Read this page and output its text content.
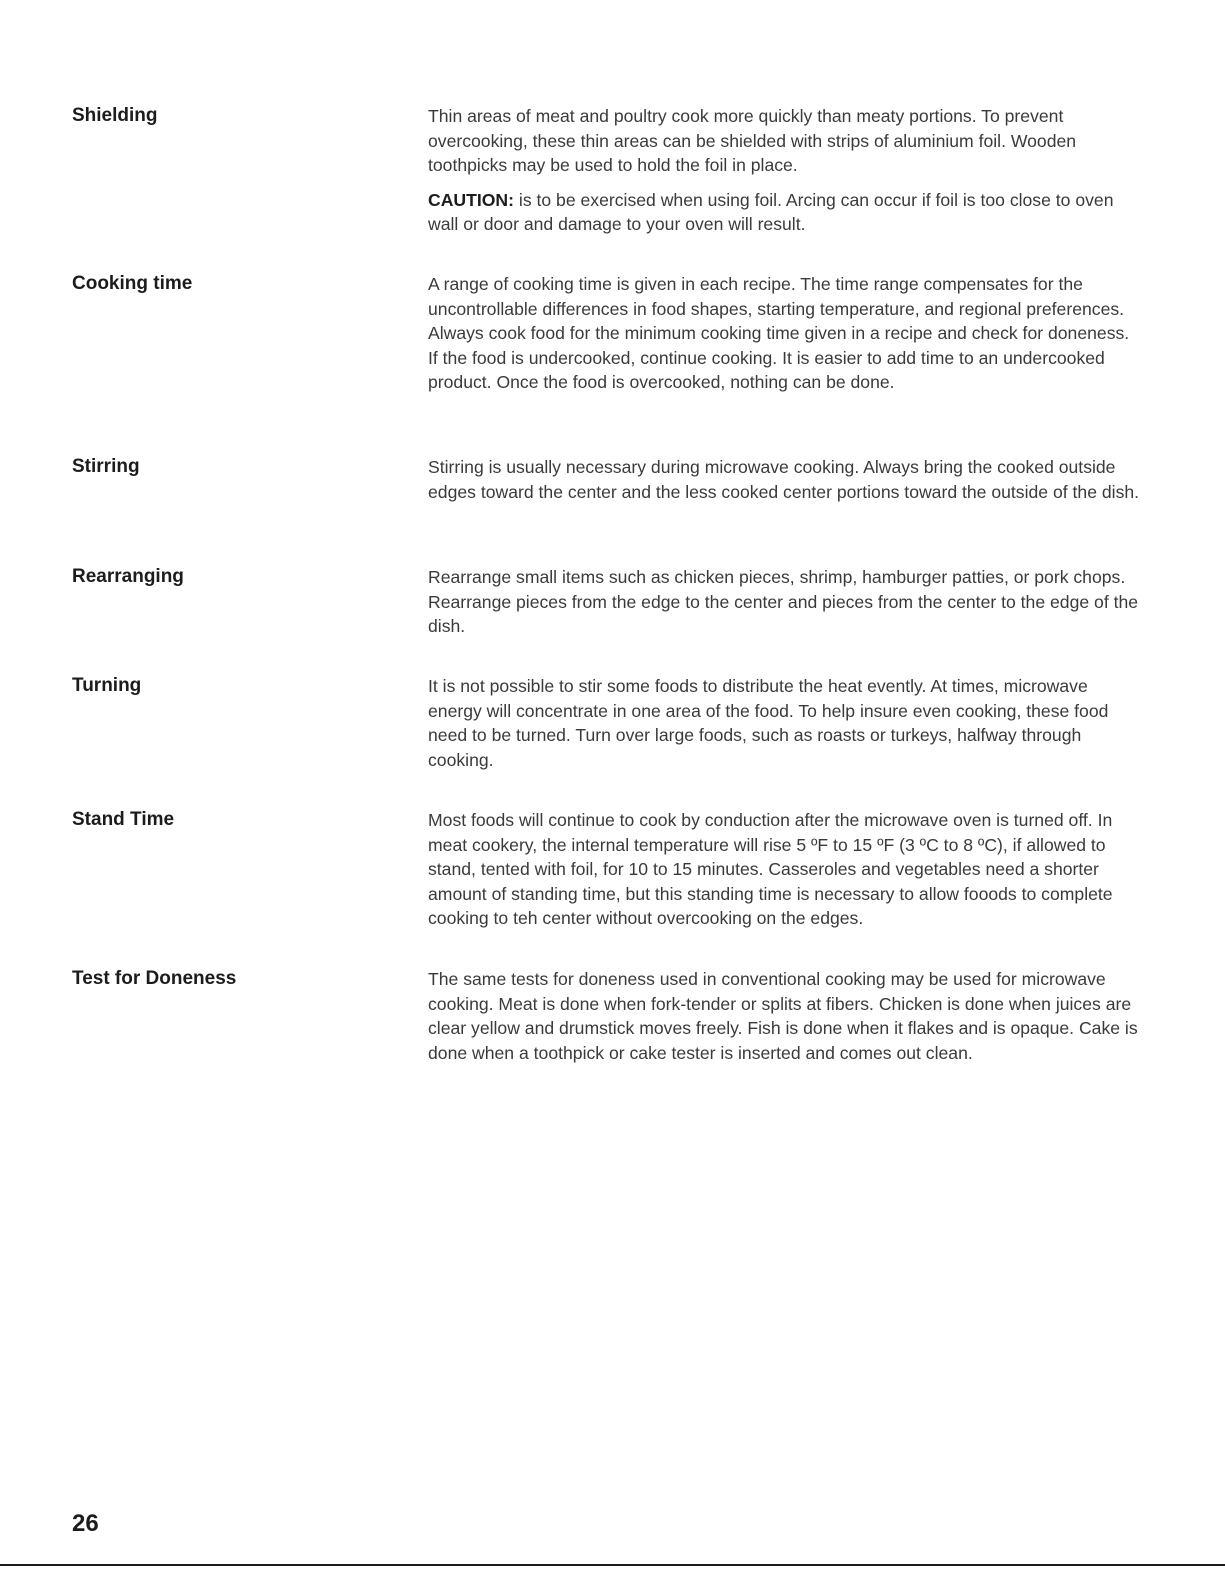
Shielding	Thin areas of meat and poultry cook more quickly than meaty portions. To prevent overcooking, these thin areas can be shielded with strips of aluminium foil. Wooden toothpicks may be used to hold the foil in place.

CAUTION: is to be exercised when using foil. Arcing can occur if foil is too close to oven wall or door and damage to your oven will result.

Cooking time	A range of cooking time is given in each recipe. The time range compensates for the uncontrollable differences in food shapes, starting temperature, and regional preferences. Always cook food for the minimum cooking time given in a recipe and check for doneness. If the food is undercooked, continue cooking. It is easier to add time to an undercooked product. Once the food is overcooked, nothing can be done.

Stirring	Stirring is usually necessary during microwave cooking. Always bring the cooked outside edges toward the center and the less cooked center portions toward the outside of the dish.

Rearranging	Rearrange small items such as chicken pieces, shrimp, hamburger patties, or pork chops. Rearrange pieces from the edge to the center and pieces from the center to the edge of the dish.

Turning	It is not possible to stir some foods to distribute the heat evently. At times, microwave energy will concentrate in one area of the food. To help insure even cooking, these food need to be turned. Turn over large foods, such as roasts or turkeys, halfway through cooking.

Stand Time	Most foods will continue to cook by conduction after the microwave oven is turned off. In meat cookery, the internal temperature will rise 5 ºF to 15 ºF (3 ºC to 8 ºC), if allowed to stand, tented with foil, for 10 to 15 minutes. Casseroles and vegetables need a shorter amount of standing time, but this standing time is necessary to allow fooods to complete cooking to teh center without overcooking on the edges.

Test for Doneness	The same tests for doneness used in conventional cooking may be used for microwave cooking. Meat is done when fork-tender or splits at fibers. Chicken is done when juices are clear yellow and drumstick moves freely. Fish is done when it flakes and is opaque. Cake is done when a toothpick or cake tester is inserted and comes out clean.

26
